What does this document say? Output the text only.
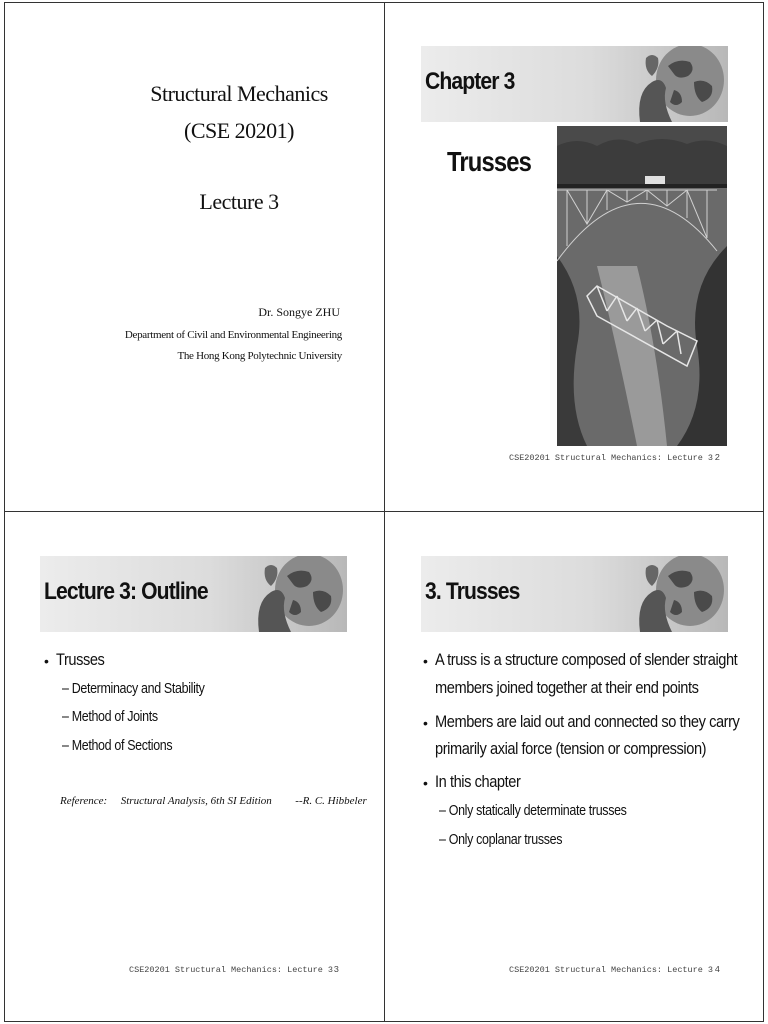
Structural Mechanics
(CSE 20201)
Lecture 3
Dr. Songye ZHU
Department of Civil and Environmental Engineering
The Hong Kong Polytechnic University
Chapter 3
Trusses
CSE20201 Structural Mechanics: Lecture 3 2
Lecture 3: Outline
• Trusses
– Determinacy and Stability
– Method of Joints
– Method of Sections
Reference: Structural Analysis, 6th SI Edition --R. C. Hibbeler
CSE20201 Structural Mechanics: Lecture 3 3
3. Trusses
• A truss is a structure composed of slender straight
members joined together at their end points
• Members are laid out and connected so they carry
primarily axial force (tension or compression)
• In this chapter
– Only statically determinate trusses
– Only coplanar trusses
CSE20201 Structural Mechanics: Lecture 3 4
